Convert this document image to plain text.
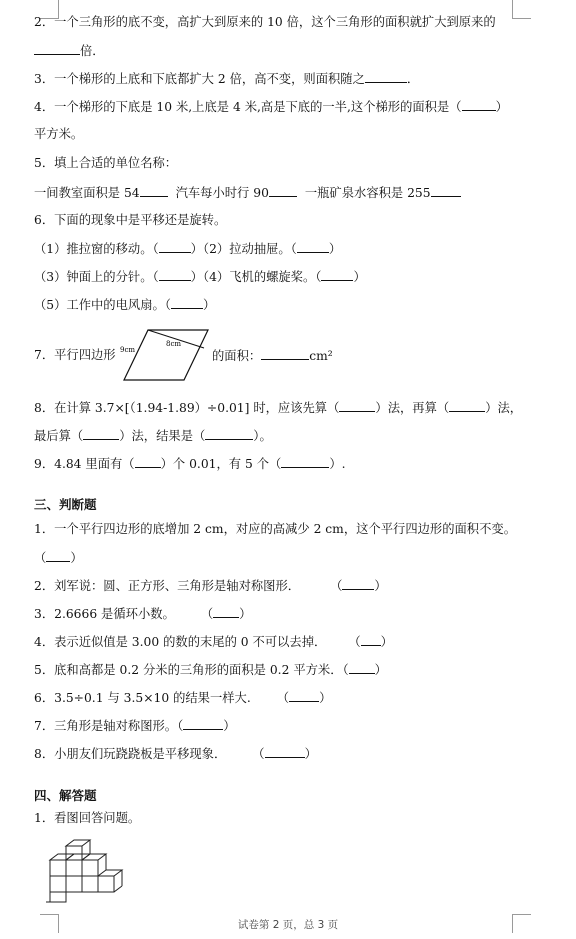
2．一个三角形的底不变，高扩大到原来的 10 倍，这个三角形的面积就扩大到原来的
倍．
3．一个梯形的上底和下底都扩大 2 倍，高不变，则面积随之	．
4．一个梯形的下底是 10 米,上底是 4 米,高是下底的一半,这个梯形的面积是（	）
平方米。
5．填上合适的单位名称：
一间教室面积是 54	汽车每小时行 90	一瓶矿泉水容积是 255
6．下面的现象中是平移还是旋转。
（1）推拉窗的移动。（	）（2）拉动抽屉。（	）
（3）钟面上的分针。（	）（4）飞机的螺旋桨。（	）
（5）工作中的电风扇。（	）
7．平行四边形 9cm
8cm
的面积：	cm²
8．在计算 3.7×[（1.94-1.89）÷0.01] 时，应该先算（	）法，再算（	）法，
最后算（	）法，结果是（	）。
9．4.84 里面有（ ）个 0.01，有 5 个（	）.
三、判断题
1．一个平行四边形的底增加 2 cm，对应的高减少 2 cm，这个平行四边形的面积不变。
（ ）
2．刘军说：圆、正方形、三角形是轴对称图形． （	）
3．2.6666 是循环小数。 （ ）
4．表示近似值是 3.00 的数的末尾的 0 不可以去掉． （ ）
5．底和高都是 0.2 分米的三角形的面积是 0.2 平方米．（ ）
6．3.5÷0.1 与 3.5×10 的结果一样大. （ ）
7．三角形是轴对称图形。（	）
8．小朋友们玩跷跷板是平移现象． （	）
四、解答题
1．看图回答问题。
试卷第 2 页，总 3 页
